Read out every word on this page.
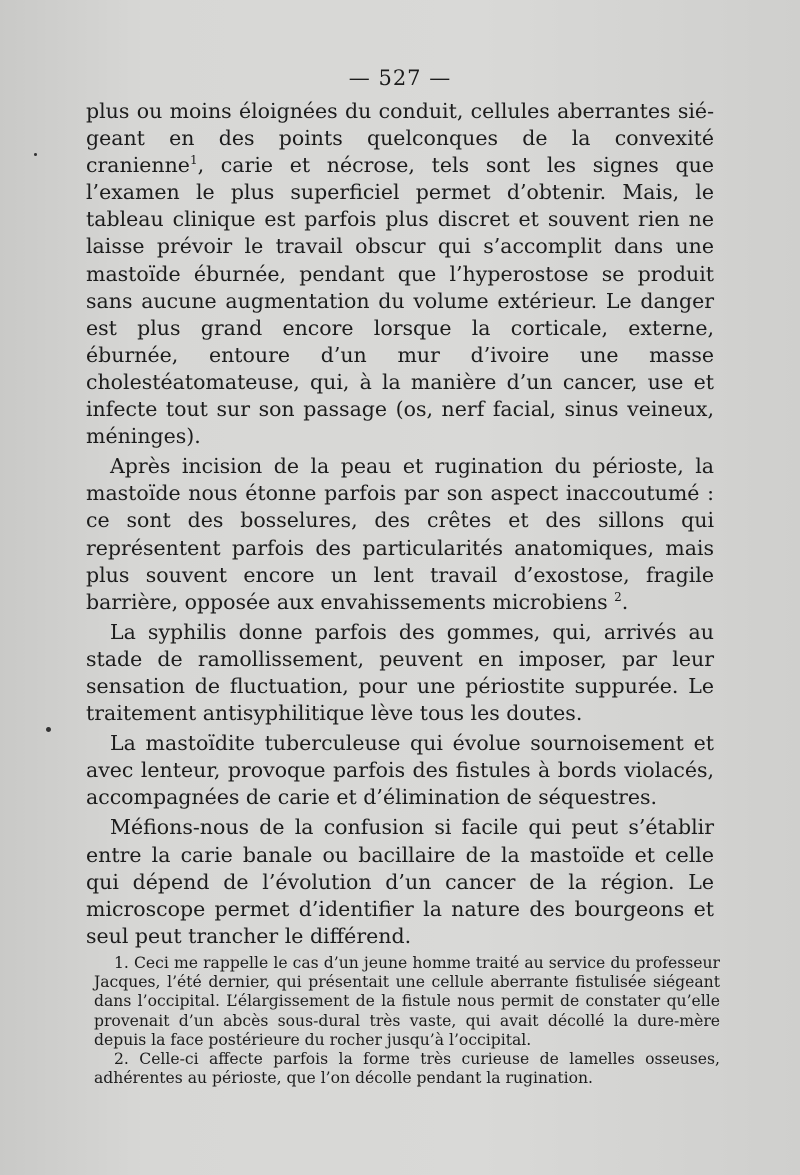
— 527 —

plus ou moins éloignées du conduit, cellules aberrantes siégeant en des points quelconques de la convexité cranienne$^1$, carie et nécrose, tels sont les signes que l’examen le plus superficiel permet d’obtenir. Mais, le tableau clinique est parfois plus discret et souvent rien ne laisse prévoir le travail obscur qui s’accomplit dans une mastoïde éburnée, pendant que l’hyperostose se produit sans aucune augmentation du volume extérieur. Le danger est plus grand encore lorsque la corticale, externe, éburnée, entoure d’un mur d’ivoire une masse cholestéatomateuse, qui, à la manière d’un cancer, use et infecte tout sur son passage (os, nerf facial, sinus veineux, méninges).

Après incision de la peau et rugination du périoste, la mastoïde nous étonne parfois par son aspect inaccoutumé : ce sont des bosselures, des crêtes et des sillons qui représentent parfois des particularités anatomiques, mais plus souvent encore un lent travail d’exostose, fragile barrière, opposée aux envahissements microbiens $^2$.

La syphilis donne parfois des gommes, qui, arrivés au stade de ramollissement, peuvent en imposer, par leur sensation de fluctuation, pour une périostite suppurée. Le traitement antisyphilitique lève tous les doutes.

La mastoïdite tuberculeuse qui évolue sournoisement et avec lenteur, provoque parfois des fistules à bords violacés, accompagnées de carie et d’élimination de séquestres.

Méfions-nous de la confusion si facile qui peut s’établir entre la carie banale ou bacillaire de la mastoïde et celle qui dépend de l’évolution d’un cancer de la région. Le microscope permet d’identifier la nature des bourgeons et seul peut trancher le différend.

1. Ceci me rappelle le cas d’un jeune homme traité au service du professeur Jacques, l’été dernier, qui présentait une cellule aberrante fistulisée siégeant dans l’occipital. L’élargissement de la fistule nous permit de constater qu’elle provenait d’un abcès sous-dural très vaste, qui avait décollé la dure-mère depuis la face postérieure du rocher jusqu’à l’occipital.

2. Celle-ci affecte parfois la forme très curieuse de lamelles osseuses, adhérentes au périoste, que l’on décolle pendant la rugination.
